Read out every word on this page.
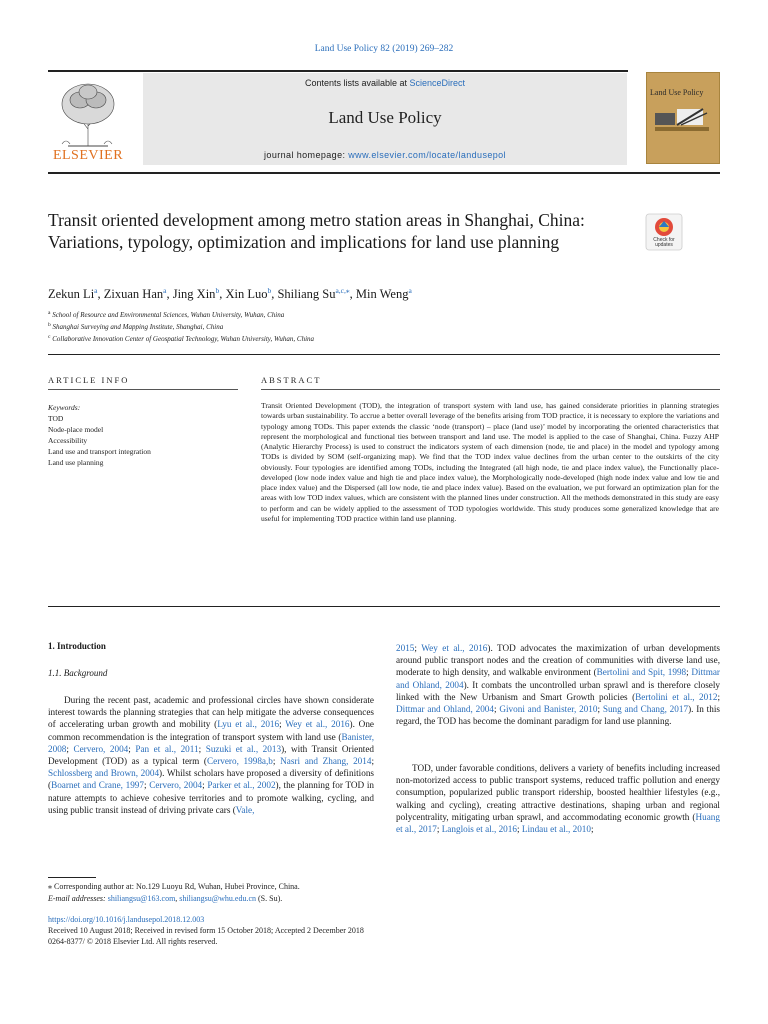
Land Use Policy 82 (2019) 269–282
ELSEVIER
Contents lists available at ScienceDirect
Land Use Policy
journal homepage: www.elsevier.com/locate/landusepol
Land Use Policy
Transit oriented development among metro station areas in Shanghai, China: Variations, typology, optimization and implications for land use planning	Check for
updates
Zekun Li$^a$, Zixuan Han$^a$, Jing Xin$^b$, Xin Luo$^b$, Shiliang $Su^{a,c,⁎}$, Min Weng$^a$
$^a$ School of Resource and Environmental Sciences, Wuhan University, Wuhan, China
$^b$ Shanghai Surveying and Mapping Institute, Shanghai, China
$^c$ Collaborative Innovation Center of Geospatial Technology, Wuhan University, Wuhan, China
ARTICLE INFO	ABSTRACT
Keywords:
TOD
Node-place model
Accessibility
Land use and transport integration
Land use planning
Transit Oriented Development (TOD), the integration of transport system with land use, has gained considerate priorities in planning strategies towards urban sustainability. To accrue a better overall leverage of the benefits arising from TOD practice, it is necessary to explore the variations and typology among TODs. This paper extends the classic ‘node (transport) – place (land use)’ model by incorporating the oriented characteristics that represent the morphological and functional ties between transport and land use. The model is applied to the case of Shanghai, China. Fuzzy AHP (Analytic Hierarchy Process) is used to construct the indicators system of each dimension (node, tie and place) in the model and typology among TODs is divided by SOM (self-organizing map). We find that the TOD index value declines from the urban center to the outskirts of the city obviously. Four typologies are identified among TODs, including the Integrated (all high node, tie and place index value), the Functionally place-developed (low node index value and high tie and place index value), the Morphologically node-developed (high node index value and low tie and place index value) and the Dispersed (all low node, tie and place index value). Based on the evaluation, we put forward an optimization plan for the areas with low TOD index values, which are consistent with the planned lines under construction. All the methods demonstrated in this study are easy to perform and can be widely applied to the assessment of TOD typologies worldwide. This study produces some generalized knowledge that are useful for implementing TOD practice within land use planning.
1. Introduction
1.1. Background

During the recent past, academic and professional circles have shown considerate interest towards the planning strategies that can help mitigate the adverse consequences of accelerating urban growth and mobility (Lyu et al., 2016; Wey et al., 2016). One common recommendation is the integration of transport system with land use (Banister, 2008; Cervero, 2004; Pan et al., 2011; Suzuki et al., 2013), with Transit Oriented Development (TOD) as a typical term (Cervero, 1998a,b; Nasri and Zhang, 2014; Schlossberg and Brown, 2004). Whilst scholars have proposed a diversity of definitions (Boarnet and Crane, 1997; Cervero, 2004; Parker et al., 2002), the planning for TOD in nature attempts to achieve cohesive territories and to promote walking, cycling, and using public transit instead of driving private cars (Vale,

2015; Wey et al., 2016). TOD advocates the maximization of urban developments around public transport nodes and the creation of communities with diverse land use, moderate to high density, and walkable environment (Bertolini and Spit, 1998; Dittmar and Ohland, 2004). It combats the uncontrolled urban sprawl and is therefore closely linked with the New Urbanism and Smart Growth policies (Bertolini et al., 2012; Dittmar and Ohland, 2004; Givoni and Banister, 2010; Sung and Chang, 2017). In this regard, the TOD has become the dominant paradigm for land use planning.

TOD, under favorable conditions, delivers a variety of benefits including increased non-motorized access to public transport systems, reduced traffic pollution and energy consumption, popularized public transport ridership, boosted healthier lifestyles (e.g., walking and cycling), creating attractive destinations, shaping urban and regional polycentrality, mitigating urban sprawl, and accommodating economic growth (Huang et al., 2017; Langlois et al., 2016; Lindau et al., 2010;

⁎ Corresponding author at: No.129 Luoyu Rd, Wuhan, Hubei Province, China.
E-mail addresses: shiliangsu@163.com, shiliangsu@whu.edu.cn (S. Su).
https://doi.org/10.1016/j.landusepol.2018.12.003
Received 10 August 2018; Received in revised form 15 October 2018; Accepted 2 December 2018
0264-8377/ © 2018 Elsevier Ltd. All rights reserved.
